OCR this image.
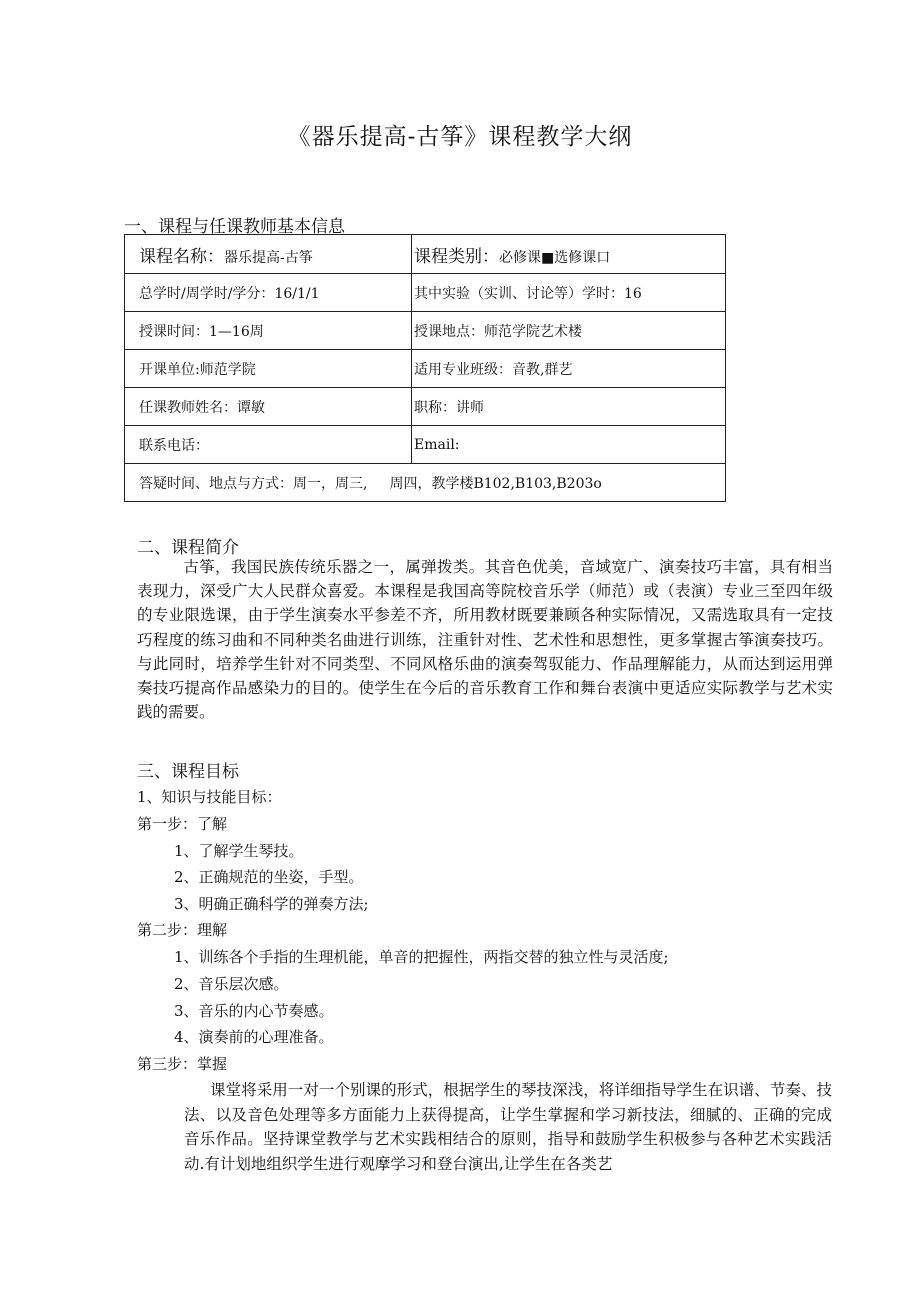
《器乐提高-古筝》课程教学大纲
一、课程与任课教师基本信息
课程名称：器乐提高-古筝	课程类别：必修课■选修课口
总学时/周学时/学分：16/1/1	其中实验（实训、讨论等）学时：16
授课时间：1—16周	授课地点：师范学院艺术楼
开课单位:师范学院	适用专业班级：音教,群艺
任课教师姓名：谭敏	职称：讲师
联系电话：	Email:
答疑时间、地点与方式：周一，周三, 周四，教学楼B102,B103,B203o	
二、课程简介
古筝，我国民族传统乐器之一，属弹拨类。其音色优美，音域宽广、演奏技巧丰富，具有相当表现力，深受广大人民群众喜爱。本课程是我国高等院校音乐学（师范）或（表演）专业三至四年级的专业限选课，由于学生演奏水平参差不齐，所用教材既要兼顾各种实际情况，又需选取具有一定技巧程度的练习曲和不同种类名曲进行训练，注重针对性、艺术性和思想性，更多掌握古筝演奏技巧。与此同时，培养学生针对不同类型、不同风格乐曲的演奏驾驭能力、作品理解能力，从而达到运用弹奏技巧提高作品感染力的目的。使学生在今后的音乐教育工作和舞台表演中更适应实际教学与艺术实践的需要。
三、课程目标
1、知识与技能目标：
第一步：了解
1、了解学生琴技。
2、正确规范的坐姿，手型。
3、明确正确科学的弹奏方法;
第二步：理解
1、训练各个手指的生理机能，单音的把握性，两指交替的独立性与灵活度;
2、音乐层次感。
3、音乐的内心节奏感。
4、演奏前的心理准备。
第三步：掌握
课堂将采用一对一个别课的形式，根据学生的琴技深浅，将详细指导学生在识谱、节奏、技法、以及音色处理等多方面能力上获得提高，让学生掌握和学习新技法，细腻的、正确的完成音乐作品。坚持课堂教学与艺术实践相结合的原则，指导和鼓励学生积极参与各种艺术实践活动.有计划地组织学生进行观摩学习和登台演出,让学生在各类艺
